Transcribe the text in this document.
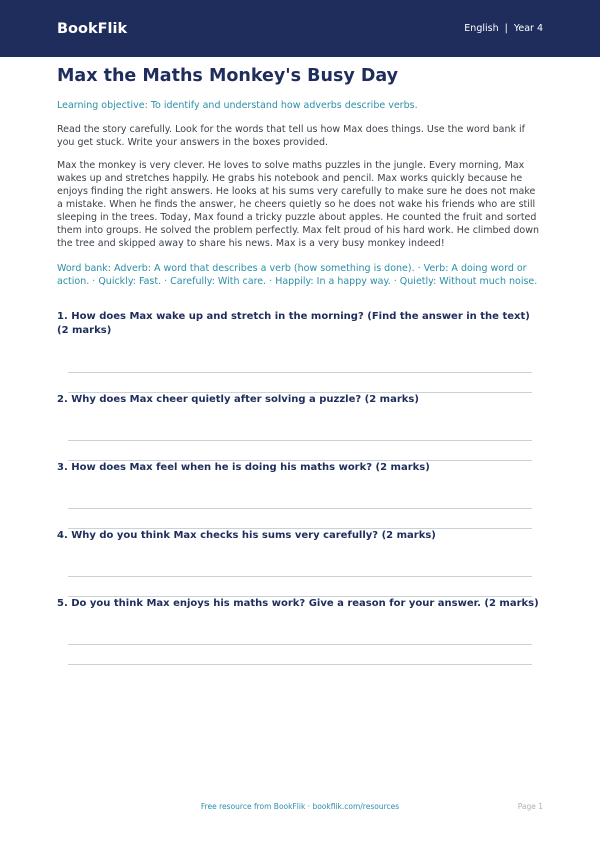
BookFlik	English | Year 4
Max the Maths Monkey's Busy Day
Learning objective: To identify and understand how adverbs describe verbs.
Read the story carefully. Look for the words that tell us how Max does things. Use the word bank if you get stuck. Write your answers in the boxes provided.
Max the monkey is very clever. He loves to solve maths puzzles in the jungle. Every morning, Max wakes up and stretches happily. He grabs his notebook and pencil. Max works quickly because he enjoys finding the right answers. He looks at his sums very carefully to make sure he does not make a mistake. When he finds the answer, he cheers quietly so he does not wake his friends who are still sleeping in the trees. Today, Max found a tricky puzzle about apples. He counted the fruit and sorted them into groups. He solved the problem perfectly. Max felt proud of his hard work. He climbed down the tree and skipped away to share his news. Max is a very busy monkey indeed!
Word bank: Adverb: A word that describes a verb (how something is done). · Verb: A doing word or action. · Quickly: Fast. · Carefully: With care. · Happily: In a happy way. · Quietly: Without much noise.
1. How does Max wake up and stretch in the morning? (Find the answer in the text) (2 marks)
2. Why does Max cheer quietly after solving a puzzle? (2 marks)
3. How does Max feel when he is doing his maths work? (2 marks)
4. Why do you think Max checks his sums very carefully? (2 marks)
5. Do you think Max enjoys his maths work? Give a reason for your answer. (2 marks)
Free resource from BookFlik · bookflik.com/resources	Page 1
